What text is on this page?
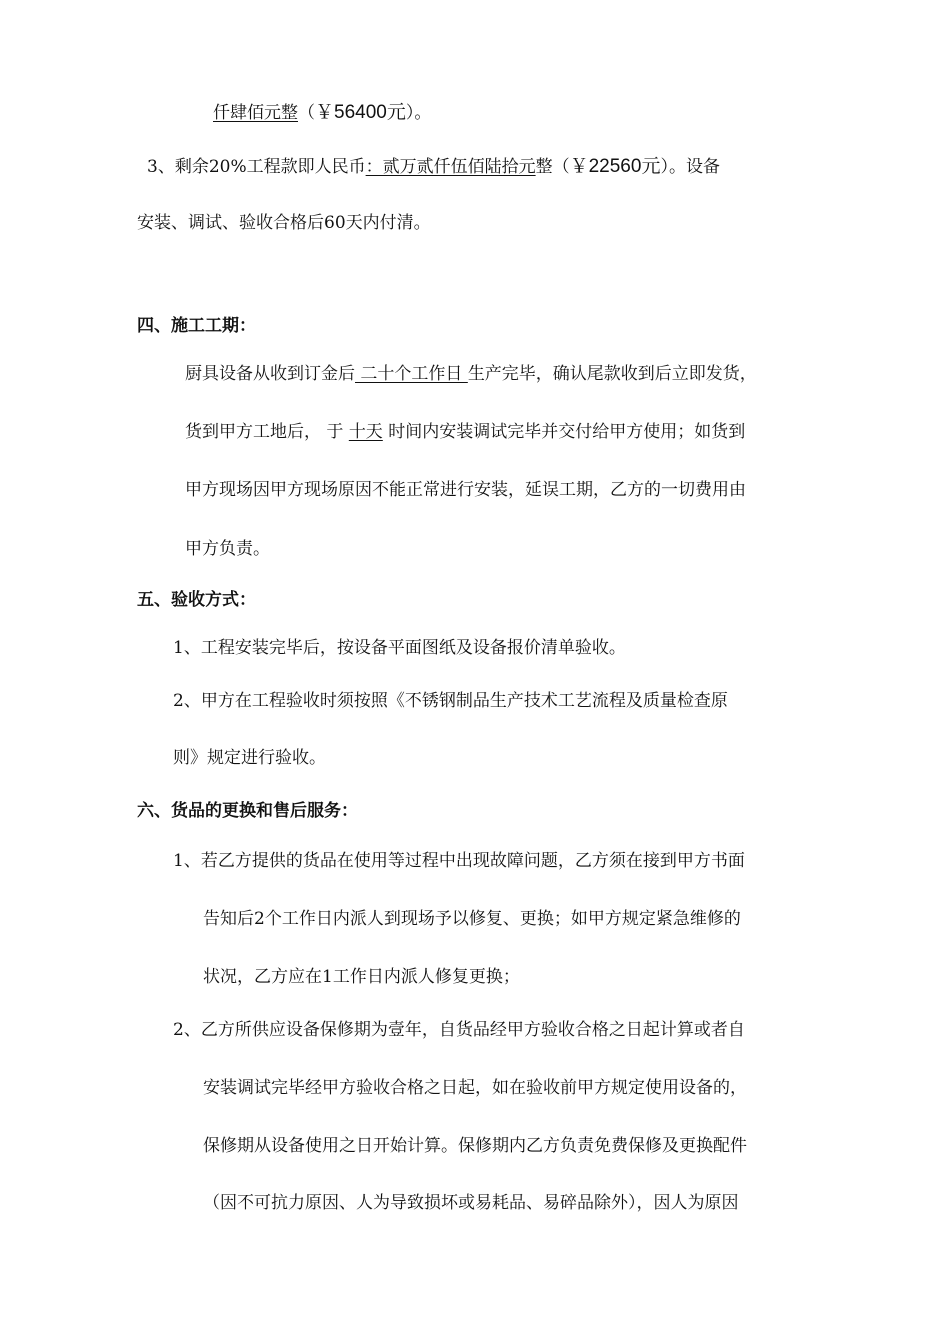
仟肆佰元整（￥56400元）。
3、剩余20%工程款即人民币：贰万贰仟伍佰陆拾元整（￥22560元）。设备
安装、调试、验收合格后60天内付清。
四、施工工期：
厨具设备从收到订金后 二十个工作日 生产完毕，确认尾款收到后立即发货，
货到甲方工地后， 于 十天 时间内安装调试完毕并交付给甲方使用；如货到
甲方现场因甲方现场原因不能正常进行安装，延误工期，乙方的一切费用由
甲方负责。
五、验收方式：
1、工程安装完毕后，按设备平面图纸及设备报价清单验收。
2、甲方在工程验收时须按照《不锈钢制品生产技术工艺流程及质量检查原
则》规定进行验收。
六、货品的更换和售后服务：
1、若乙方提供的货品在使用等过程中出现故障问题，乙方须在接到甲方书面
告知后2个工作日内派人到现场予以修复、更换；如甲方规定紧急维修的
状况，乙方应在1工作日内派人修复更换；
2、乙方所供应设备保修期为壹年，自货品经甲方验收合格之日起计算或者自
安装调试完毕经甲方验收合格之日起，如在验收前甲方规定使用设备的，
保修期从设备使用之日开始计算。保修期内乙方负责免费保修及更换配件
（因不可抗力原因、人为导致损坏或易耗品、易碎品除外），因人为原因
